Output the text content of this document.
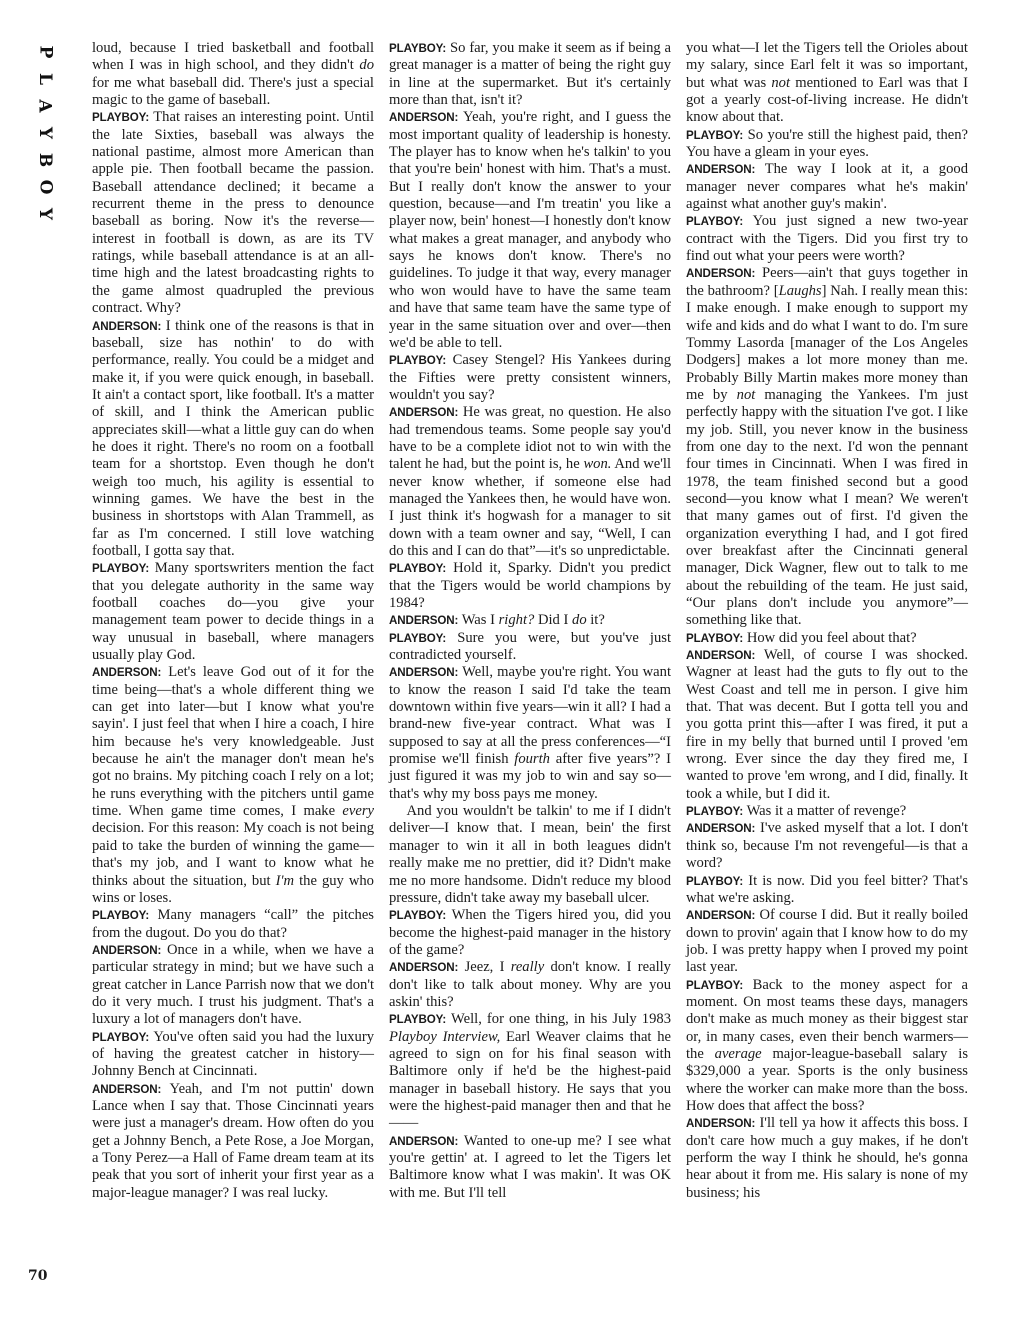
P
L
A
Y
B
O
Y
70

loud, because I tried basketball and football when I was in high school, and they didn't do for me what baseball did. There's just a special magic to the game of baseball.

PLAYBOY: That raises an interesting point. Until the late Sixties, baseball was always the national pastime, almost more American than apple pie. Then football became the passion. Baseball attendance declined; it became a recurrent theme in the press to denounce baseball as boring. Now it's the reverse—interest in football is down, as are its TV ratings, while baseball attendance is at an all-time high and the latest broadcasting rights to the game almost quadrupled the previous contract. Why?

ANDERSON: I think one of the reasons is that in baseball, size has nothin' to do with performance, really. You could be a midget and make it, if you were quick enough, in baseball. It ain't a contact sport, like football. It's a matter of skill, and I think the American public appreciates skill—what a little guy can do when he does it right. There's no room on a football team for a shortstop. Even though he don't weigh too much, his agility is essential to winning games. We have the best in the business in shortstops with Alan Trammell, as far as I'm concerned. I still love watching football, I gotta say that.

PLAYBOY: Many sportswriters mention the fact that you delegate authority in the same way football coaches do—you give your management team power to decide things in a way unusual in baseball, where managers usually play God.

ANDERSON: Let's leave God out of it for the time being—that's a whole different thing we can get into later—but I know what you're sayin'. I just feel that when I hire a coach, I hire him because he's very knowledgeable. Just because he ain't the manager don't mean he's got no brains. My pitching coach I rely on a lot; he runs everything with the pitchers until game time. When game time comes, I make every decision. For this reason: My coach is not being paid to take the burden of winning the game—that's my job, and I want to know what he thinks about the situation, but I'm the guy who wins or loses.

PLAYBOY: Many managers “call” the pitches from the dugout. Do you do that?

ANDERSON: Once in a while, when we have a particular strategy in mind; but we have such a great catcher in Lance Parrish now that we don't do it very much. I trust his judgment. That's a luxury a lot of managers don't have.

PLAYBOY: You've often said you had the luxury of having the greatest catcher in history—Johnny Bench at Cincinnati.

ANDERSON: Yeah, and I'm not puttin' down Lance when I say that. Those Cincinnati years were just a manager's dream. How often do you get a Johnny Bench, a Pete Rose, a Joe Morgan, a Tony Perez—a Hall of Fame dream team at its peak that you sort of inherit your first year as a major-league manager? I was real lucky.

PLAYBOY: So far, you make it seem as if being a great manager is a matter of being the right guy in line at the supermarket. But it's certainly more than that, isn't it?

ANDERSON: Yeah, you're right, and I guess the most important quality of leadership is honesty. The player has to know when he's talkin' to you that you're bein' honest with him. That's a must. But I really don't know the answer to your question, because—and I'm treatin' you like a player now, bein' honest—I honestly don't know what makes a great manager, and anybody who says he knows don't know. There's no guidelines. To judge it that way, every manager who won would have to have the same team and have that same team have the same type of year in the same situation over and over—then we'd be able to tell.

PLAYBOY: Casey Stengel? His Yankees during the Fifties were pretty consistent winners, wouldn't you say?

ANDERSON: He was great, no question. He also had tremendous teams. Some people say you'd have to be a complete idiot not to win with the talent he had, but the point is, he won. And we'll never know whether, if someone else had managed the Yankees then, he would have won. I just think it's hogwash for a manager to sit down with a team owner and say, “Well, I can do this and I can do that”—it's so unpredictable.

PLAYBOY: Hold it, Sparky. Didn't you predict that the Tigers would be world champions by 1984?

ANDERSON: Was I right? Did I do it?

PLAYBOY: Sure you were, but you've just contradicted yourself.

ANDERSON: Well, maybe you're right. You want to know the reason I said I'd take the team downtown within five years—win it all? I had a brand-new five-year contract. What was I supposed to say at all the press conferences—“I promise we'll finish fourth after five years”? I just figured it was my job to win and say so—that's why my boss pays me money.

And you wouldn't be talkin' to me if I didn't deliver—I know that. I mean, bein' the first manager to win it all in both leagues didn't really make me no prettier, did it? Didn't make me no more handsome. Didn't reduce my blood pressure, didn't take away my baseball ulcer.

PLAYBOY: When the Tigers hired you, did you become the highest-paid manager in the history of the game?

ANDERSON: Jeez, I really don't know. I really don't like to talk about money. Why are you askin' this?

PLAYBOY: Well, for one thing, in his July 1983 Playboy Interview, Earl Weaver claims that he agreed to sign on for his final season with Baltimore only if he'd be the highest-paid manager in baseball history. He says that you were the highest-paid manager then and that he——

ANDERSON: Wanted to one-up me? I see what you're gettin' at. I agreed to let the Tigers let Baltimore know what I was makin'. It was OK with me. But I'll tell

you what—I let the Tigers tell the Orioles about my salary, since Earl felt it was so important, but what was not mentioned to Earl was that I got a yearly cost-of-living increase. He didn't know about that.

PLAYBOY: So you're still the highest paid, then? You have a gleam in your eyes.

ANDERSON: The way I look at it, a good manager never compares what he's makin' against what another guy's makin'.

PLAYBOY: You just signed a new two-year contract with the Tigers. Did you first try to find out what your peers were worth?

ANDERSON: Peers—ain't that guys together in the bathroom? [Laughs] Nah. I really mean this: I make enough. I make enough to support my wife and kids and do what I want to do. I'm sure Tommy Lasorda [manager of the Los Angeles Dodgers] makes a lot more money than me. Probably Billy Martin makes more money than me by not managing the Yankees. I'm just perfectly happy with the situation I've got. I like my job. Still, you never know in the business from one day to the next. I'd won the pennant four times in Cincinnati. When I was fired in 1978, the team finished second but a good second—you know what I mean? We weren't that many games out of first. I'd given the organization everything I had, and I got fired over breakfast after the Cincinnati general manager, Dick Wagner, flew out to talk to me about the rebuilding of the team. He just said, “Our plans don't include you anymore”—something like that.

PLAYBOY: How did you feel about that?

ANDERSON: Well, of course I was shocked. Wagner at least had the guts to fly out to the West Coast and tell me in person. I give him that. That was decent. But I gotta tell you and you gotta print this—after I was fired, it put a fire in my belly that burned until I proved 'em wrong. Ever since the day they fired me, I wanted to prove 'em wrong, and I did, finally. It took a while, but I did it.

PLAYBOY: Was it a matter of revenge?

ANDERSON: I've asked myself that a lot. I don't think so, because I'm not revengeful—is that a word?

PLAYBOY: It is now. Did you feel bitter? That's what we're asking.

ANDERSON: Of course I did. But it really boiled down to provin' again that I know how to do my job. I was pretty happy when I proved my point last year.

PLAYBOY: Back to the money aspect for a moment. On most teams these days, managers don't make as much money as their biggest star or, in many cases, even their bench warmers—the average major-league-baseball salary is $329,000 a year. Sports is the only business where the worker can make more than the boss. How does that affect the boss?

ANDERSON: I'll tell ya how it affects this boss. I don't care how much a guy makes, if he don't perform the way I think he should, he's gonna hear about it from me. His salary is none of my business; his
